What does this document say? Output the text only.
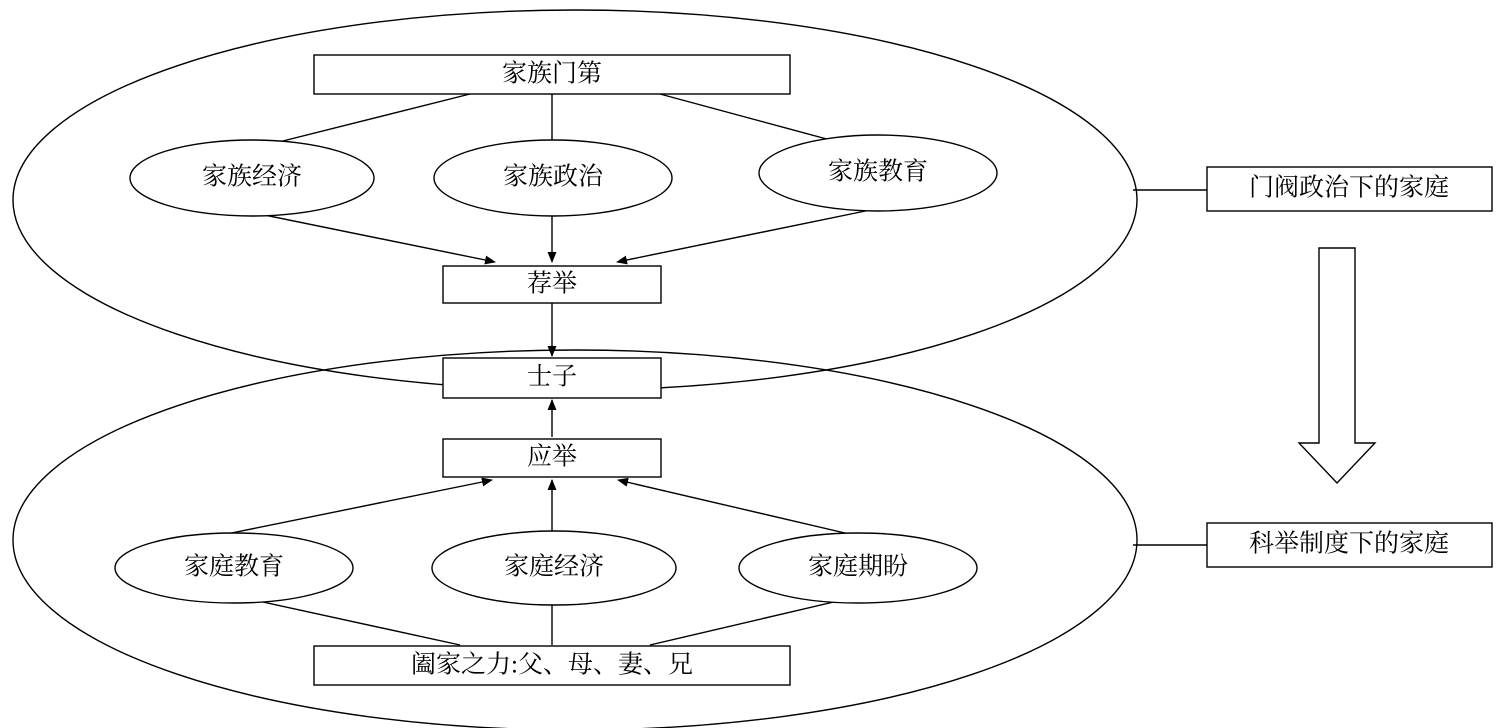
家族门第
家族经济	家族政治	家族教育
荐举
士子
应举
家庭教育	家庭经济	家庭期盼
阖家之力:父、母、妻、兄
门阀政治下的家庭
科举制度下的家庭
